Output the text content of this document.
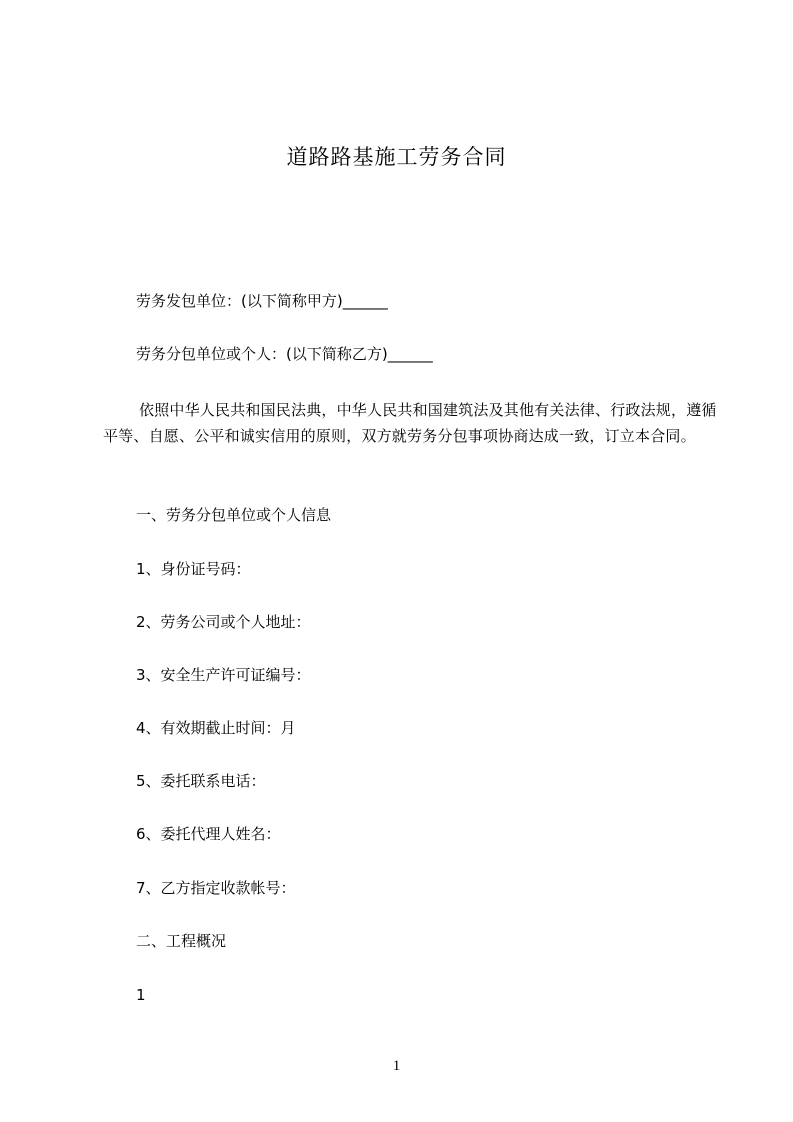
道路路基施工劳务合同
劳务发包单位：(以下简称甲方)______
劳务分包单位或个人：(以下简称乙方)______
依照中华人民共和国民法典，中华人民共和国建筑法及其他有关法律、行政法规，遵循平等、自愿、公平和诚实信用的原则，双方就劳务分包事项协商达成一致，订立本合同。
一、劳务分包单位或个人信息
1、身份证号码：
2、劳务公司或个人地址：
3、安全生产许可证编号：
4、有效期截止时间：月
5、委托联系电话：
6、委托代理人姓名：
7、乙方指定收款帐号：
二、工程概况
1
1
